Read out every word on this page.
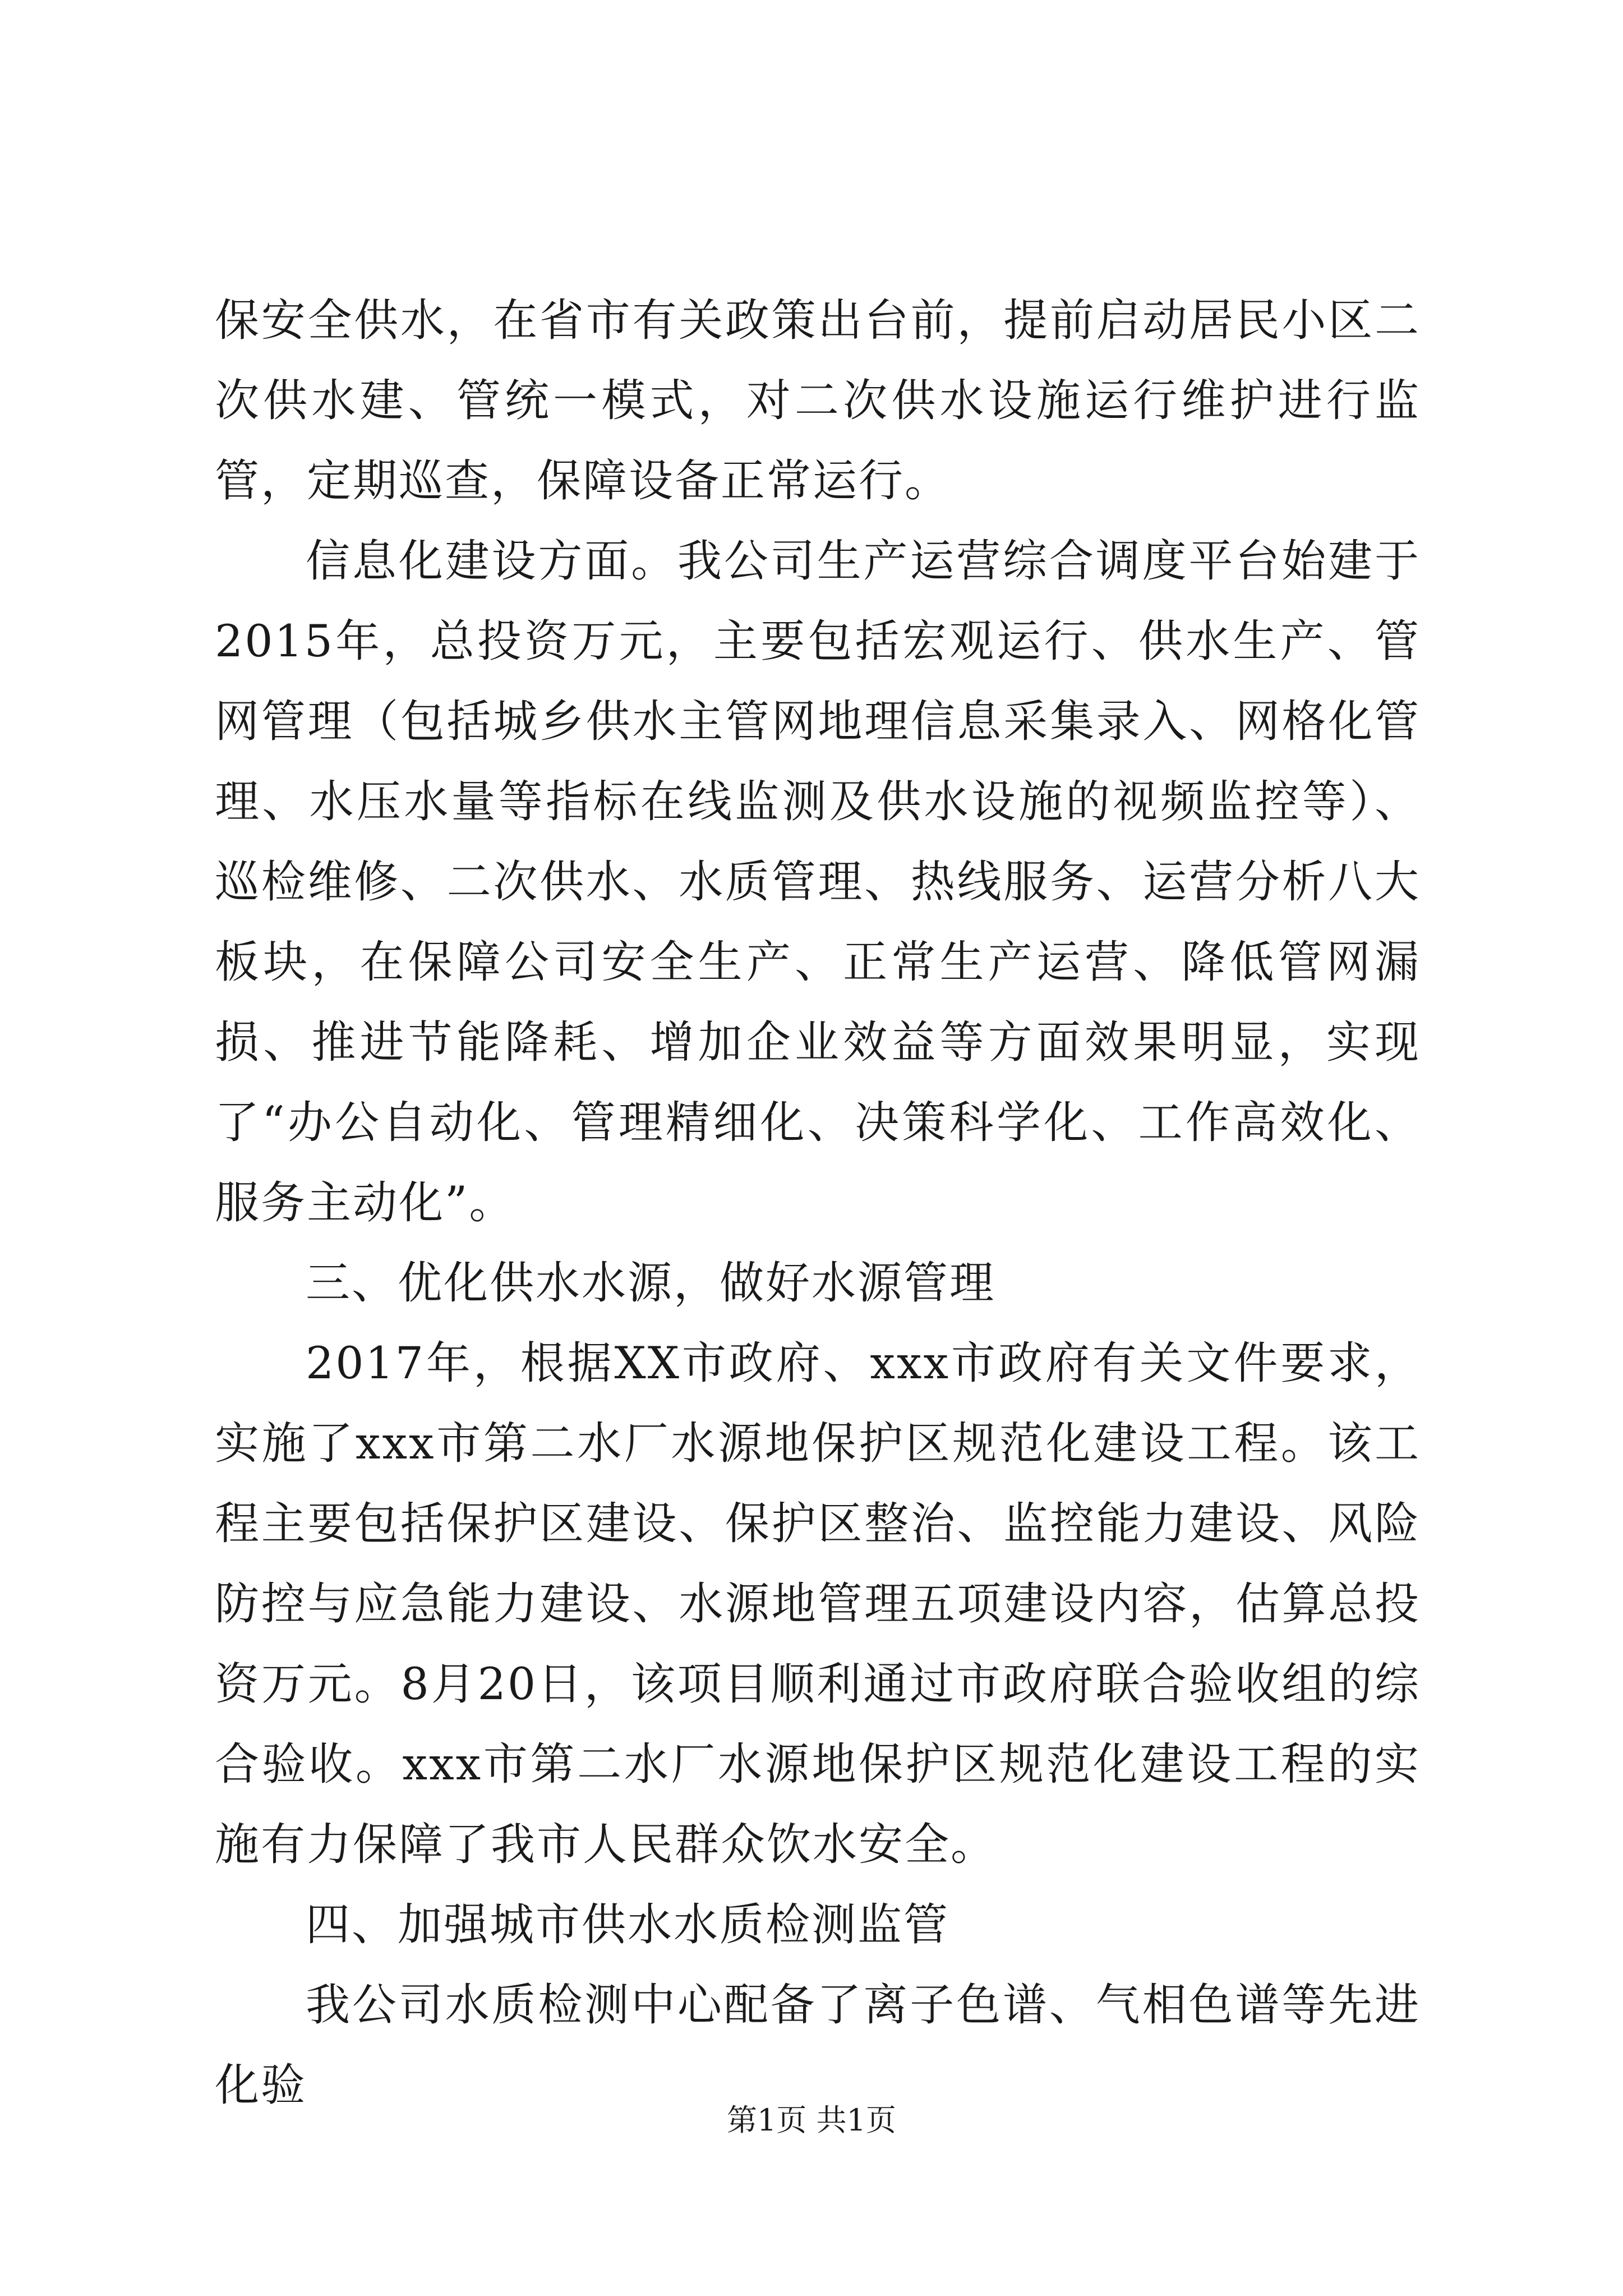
保安全供水，在省市有关政策出台前，提前启动居民小区二次供水建、管统一模式，对二次供水设施运行维护进行监管，定期巡查，保障设备正常运行。

信息化建设方面。我公司生产运营综合调度平台始建于2015年，总投资万元，主要包括宏观运行、供水生产、管网管理（包括城乡供水主管网地理信息采集录入、网格化管理、水压水量等指标在线监测及供水设施的视频监控等）、巡检维修、二次供水、水质管理、热线服务、运营分析八大板块，在保障公司安全生产、正常生产运营、降低管网漏损、推进节能降耗、增加企业效益等方面效果明显，实现了“办公自动化、管理精细化、决策科学化、工作高效化、服务主动化”。

三、优化供水水源，做好水源管理

2017年，根据XX市政府、xxx市政府有关文件要求，实施了xxx市第二水厂水源地保护区规范化建设工程。该工程主要包括保护区建设、保护区整治、监控能力建设、风险防控与应急能力建设、水源地管理五项建设内容，估算总投资万元。8月20日，该项目顺利通过市政府联合验收组的综合验收。xxx市第二水厂水源地保护区规范化建设工程的实施有力保障了我市人民群众饮水安全。

四、加强城市供水水质检测监管

我公司水质检测中心配备了离子色谱、气相色谱等先进化验

第1页 共1页
